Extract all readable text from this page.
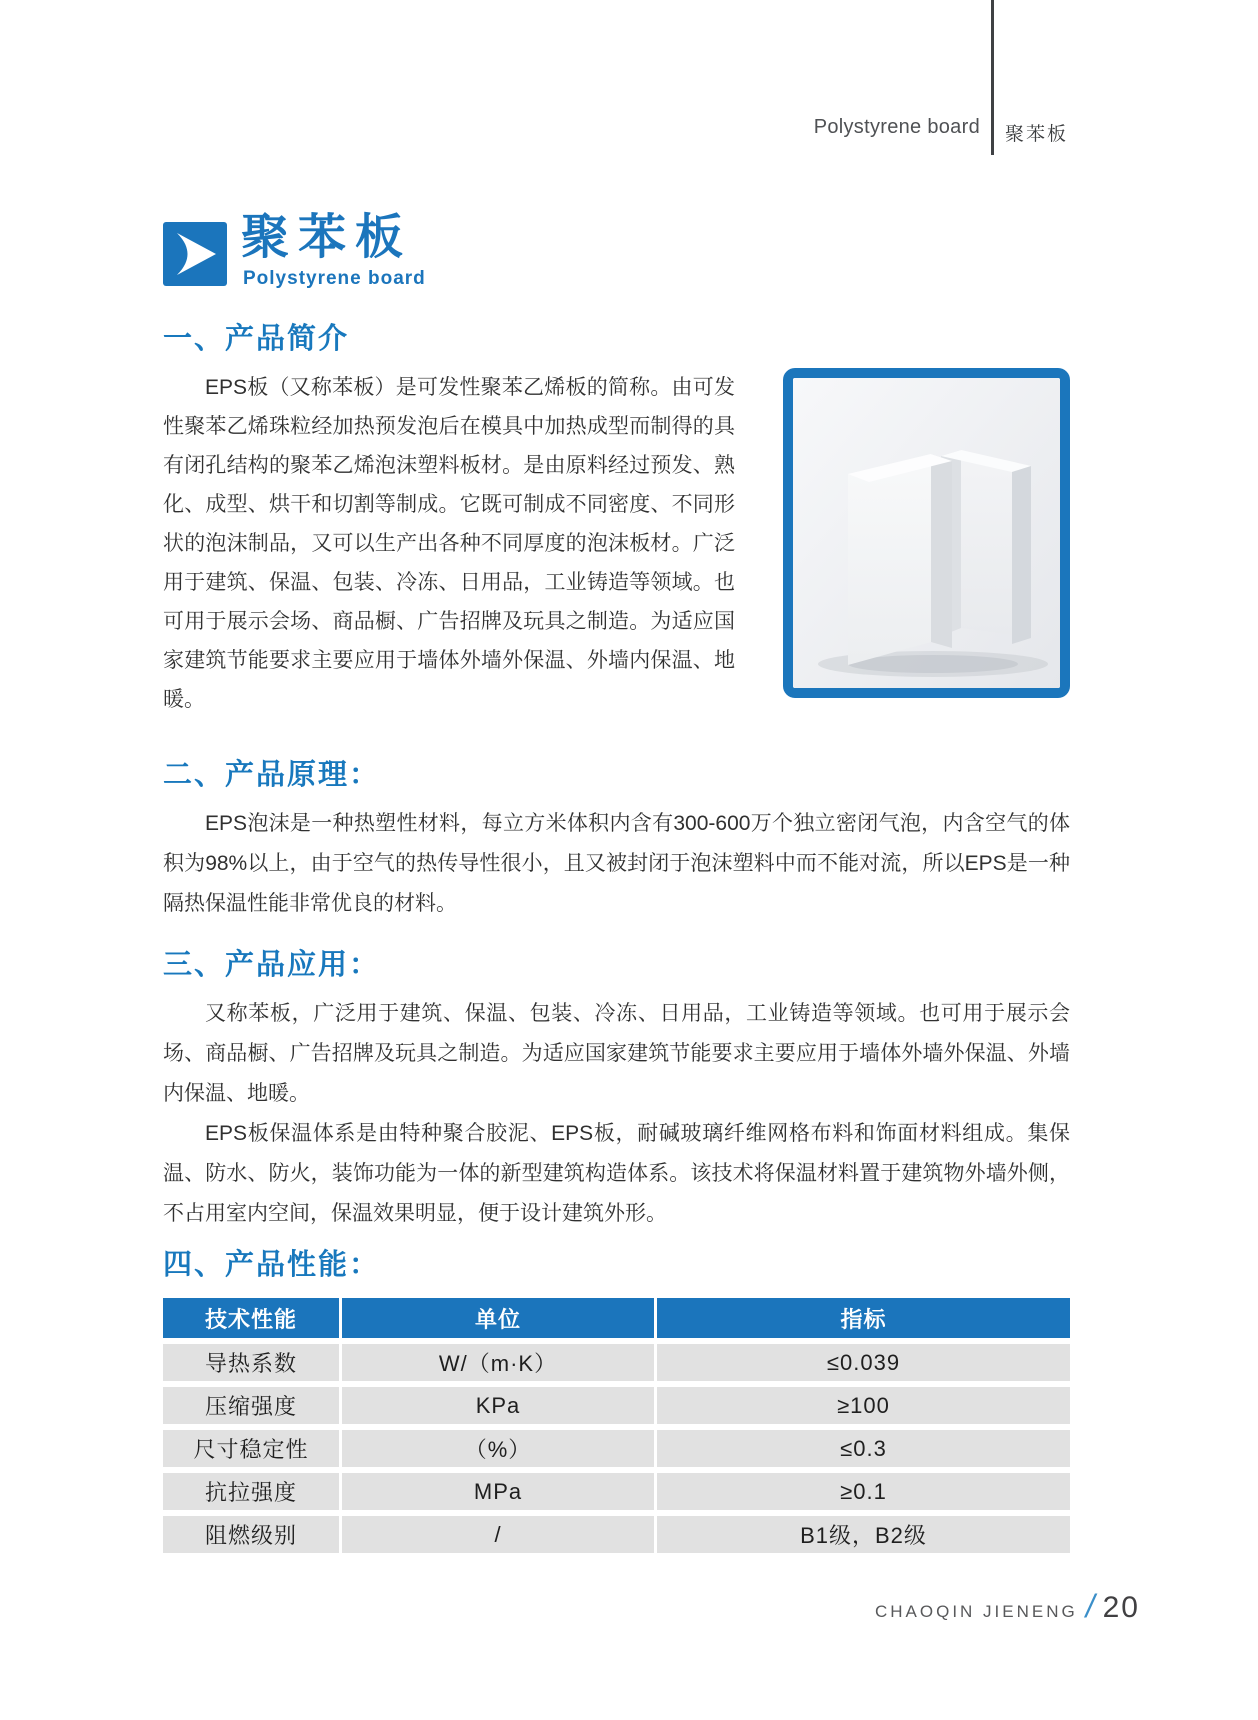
Polystyrene board 聚苯板
聚苯板
Polystyrene board
一、产品简介

EPS板（又称苯板）是可发性聚苯乙烯板的简称。由可发性聚苯乙烯珠粒经加热预发泡后在模具中加热成型而制得的具有闭孔结构的聚苯乙烯泡沫塑料板材。是由原料经过预发、熟化、成型、烘干和切割等制成。它既可制成不同密度、不同形状的泡沫制品，又可以生产出各种不同厚度的泡沫板材。广泛用于建筑、保温、包装、冷冻、日用品，工业铸造等领域。也可用于展示会场、商品橱、广告招牌及玩具之制造。为适应国家建筑节能要求主要应用于墙体外墙外保温、外墙内保温、地暖。

二、产品原理：

EPS泡沫是一种热塑性材料，每立方米体积内含有300-600万个独立密闭气泡，内含空气的体积为98%以上，由于空气的热传导性很小，且又被封闭于泡沫塑料中而不能对流，所以EPS是一种隔热保温性能非常优良的材料。

三、产品应用：

又称苯板，广泛用于建筑、保温、包装、冷冻、日用品，工业铸造等领域。也可用于展示会场、商品橱、广告招牌及玩具之制造。为适应国家建筑节能要求主要应用于墙体外墙外保温、外墙内保温、地暖。

EPS板保温体系是由特种聚合胶泥、EPS板，耐碱玻璃纤维网格布料和饰面材料组成。集保温、防水、防火，装饰功能为一体的新型建筑构造体系。该技术将保温材料置于建筑物外墙外侧，不占用室内空间，保温效果明显，便于设计建筑外形。

四、产品性能：
技术性能	单位	指标
导热系数	W/（m·K）	≤0.039
压缩强度	KPa	≥100
尺寸稳定性	（%）	≤0.3
抗拉强度	MPa	≥0.1
阻燃级别	/	B1级，B2级
CHAOQIN JIENENG / 20
